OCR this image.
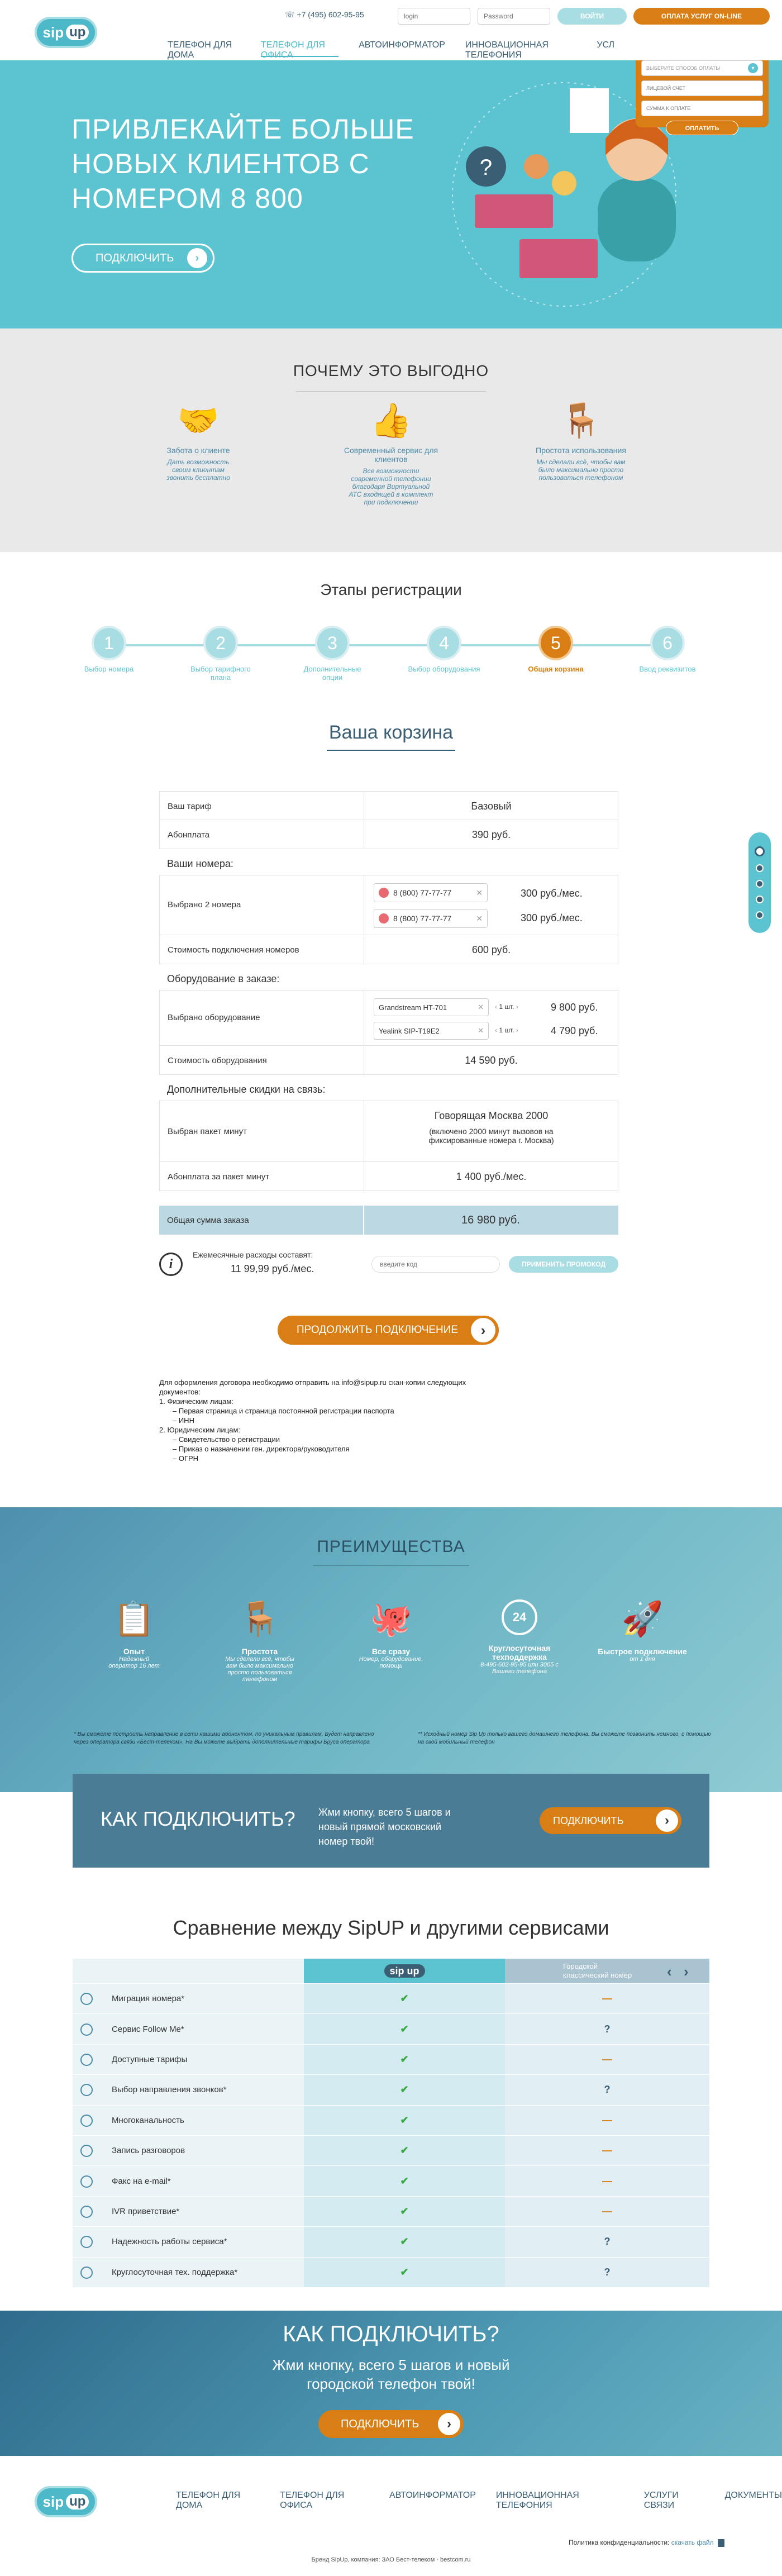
sip up
☏ +7 (495) 602-95-95
login
Password	ВОЙТИ	ОПЛАТА УСЛУГ ON-LINE
ТЕЛЕФОН ДЛЯ ДОМА
ТЕЛЕФОН ДЛЯ ОФИСА
АВТОИНФОРМАТОР ИННОВАЦИОННАЯ ТЕЛЕФОНИЯ
УСЛ
ПРИВЛЕКАЙТЕ БОЛЬШЕ НОВЫХ КЛИЕНТОВ С НОМЕРОМ 8 800
ПОДКЛЮЧИТЬ	›
?
ВЫБЕРИТЕ СПОСОБ ОПЛАТЫ	▾
ЛИЦЕВОЙ СЧЕТ СУММА К ОПЛАТЕ
ОПЛАТИТЬ
ПОЧЕМУ ЭТО ВЫГОДНО
🤝
Забота о клиенте
Дать возможность своим клиентам звонить бесплатно
👍
Современный сервис для клиентов
Все возможности современной телефонии благодаря Виртуальной АТС входящей в комплект при подключении
🪑
Простота использования
Мы сделали всё, чтобы вам было максимально просто пользоваться телефоном
Этапы регистрации
1
Выбор номера
2
Выбор тарифного плана
3
Дополнительные опции
4
Выбор оборудования
5
Общая корзина
6
Ввод реквизитов
Ваша корзина
Ваш тариф	Базовый
Абонплата	390 руб.
Ваши номера:
Выбрано 2 номера
8 (800) 77-77-77	✕	300 руб./мес.
8 (800) 77-77-77	✕	300 руб./мес.
Стоимость подключения номеров	600 руб.
Оборудование в заказе:
Выбрано оборудование
Grandstream HT-701	✕ ‹ 1 шт. ›	9 800 руб.
Yealink SIP-T19E2	✕ ‹ 1 шт. ›	4 790 руб.
Стоимость оборудования	14 590 руб.
Дополнительные скидки на связь:
Выбран пакет минут
Говорящая Москва 2000
(включено 2000 минут вызовов на фиксированные номера г. Москва)
Абонплата за пакет минут	1 400 руб./мес.
Общая сумма заказа	16 980 руб.
i
Ежемесячные расходы составят:
11 99,99 руб./мес.
введите код	ПРИМЕНИТЬ ПРОМОКОД
ПРОДОЛЖИТЬ ПОДКЛЮЧЕНИЕ	›
Для оформления договора необходимо отправить на info@sipup.ru скан-копии следующих документов:
1. Физическим лицам:
– Первая страница и страница постоянной регистрации паспорта
– ИНН
2. Юридическим лицам:
– Свидетельство о регистрации
– Приказ о назначении ген. директора/руководителя
– ОГРН
ПРЕИМУЩЕСТВА
📋
Опыт
Надежный оператор 16 лет
🪑
Простота
Мы сделали всё, чтобы вам было максимально просто пользоваться телефоном
🐙
Все сразу
Номер, оборудование, помощь
24
Круглосуточная техподдержка
8-495-602-95-95 или 3005 с Вашего телефона
🚀
Быстрое подключение
от 1 дня
* Вы сможете построить направление в сети нашими абонентом, по уникальным правилам. Будет направлено через оператора связи «Бест-телеком». На Вы можете выбрать дополнительные тарифы Бруса оператора
** Исходный номер Sip Up только вашего домашнего телефона. Вы сможете позвонить немного, с помощью на свой мобильный телефон
КАК ПОДКЛЮЧИТЬ? Жми кнопку, всего 5 шагов и новый прямой московский номер твой!
ПОДКЛЮЧИТЬ	›
Сравнение между SipUP и другими сервисами
sip up	Городской классический номер ‹ ›
Миграция номера*	✔	—
Сервис Follow Me*	✔	?
Доступные тарифы	✔	—
Выбор направления звонков*	✔	?
Многоканальность	✔	—
Запись разговоров	✔	—
Факс на e-mail*	✔	—
IVR приветствие*	✔	—
Надежность работы сервиса*	✔	?
Круглосуточная тех. поддержка*	✔	?
КАК ПОДКЛЮЧИТЬ?
Жми кнопку, всего 5 шагов и новый городской телефон твой!
ПОДКЛЮЧИТЬ	›
sip up	ТЕЛЕФОН ДЛЯ ДОМА
ТЕЛЕФОН ДЛЯ ОФИСА
АВТОИНФОРМАТОР ИННОВАЦИОННАЯ ТЕЛЕФОНИЯ
УСЛУГИ СВЯЗИ
ДОКУМЕНТЫ
Политика конфиденциальности: скачать файл
Бренд SipUp, компания: ЗАО Бест-телеком · bestcom.ru
